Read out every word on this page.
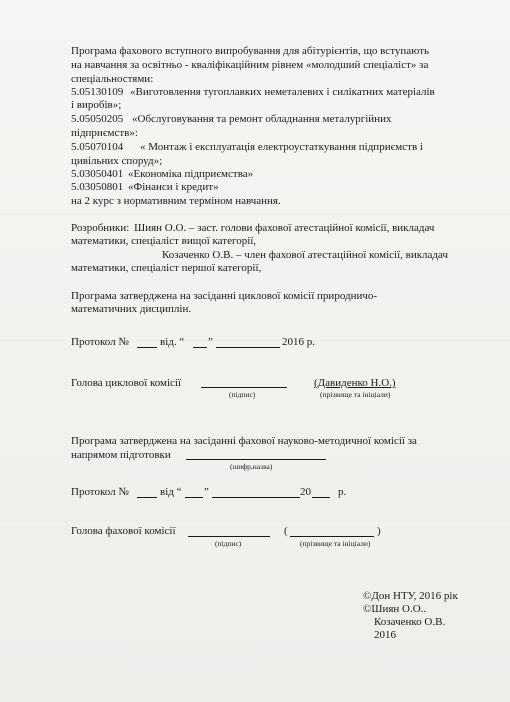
Програма фахового вступного випробування для абітурієнтів, що вступають
на навчання за освітньо - кваліфікаційним рівнем «молодший спеціаліст» за
спеціальностями:
5.05130109 «Виготовлення тугоплавких неметалевих і силікатних матеріалів
і виробів»;
5.05050205 «Обслуговування та ремонт обладнання металургійних
підприємств»:
5.05070104 « Монтаж і експлуатація електроустаткування підприємств і
цивільних споруд»;
5.03050401 «Економіка підприємства»
5.03050801 «Фінанси і кредит»
на 2 курс з нормативним терміном навчання.
Розробники: Шиян О.О. – заст. голови фахової атестаційної комісії, викладач
математики, спеціаліст вищої категорії,
Козаченко О.В. – член фахової атестаційної комісії, викладач
математики, спеціаліст першої категорії,
Програма затверджена на засіданні циклової комісії природничо-
математичних дисциплін.
Протокол №	від. “ ”	2016 р.
Голова циклової комісії	(Давиденко Н.О.)
(підпис)	(прізвище та ініціали)
Програма затверджена на засіданні фахової науково-методичної комісії за
напрямом підготовки
(шифр,назва)
Протокол №	від “ ”	20 р.
Голова фахової комісії	(	)
(підпис)	(прізвище та ініціали)
©Дон НТУ, 2016 рік
©Шиян О.О..
Козаченко О.В.
2016
